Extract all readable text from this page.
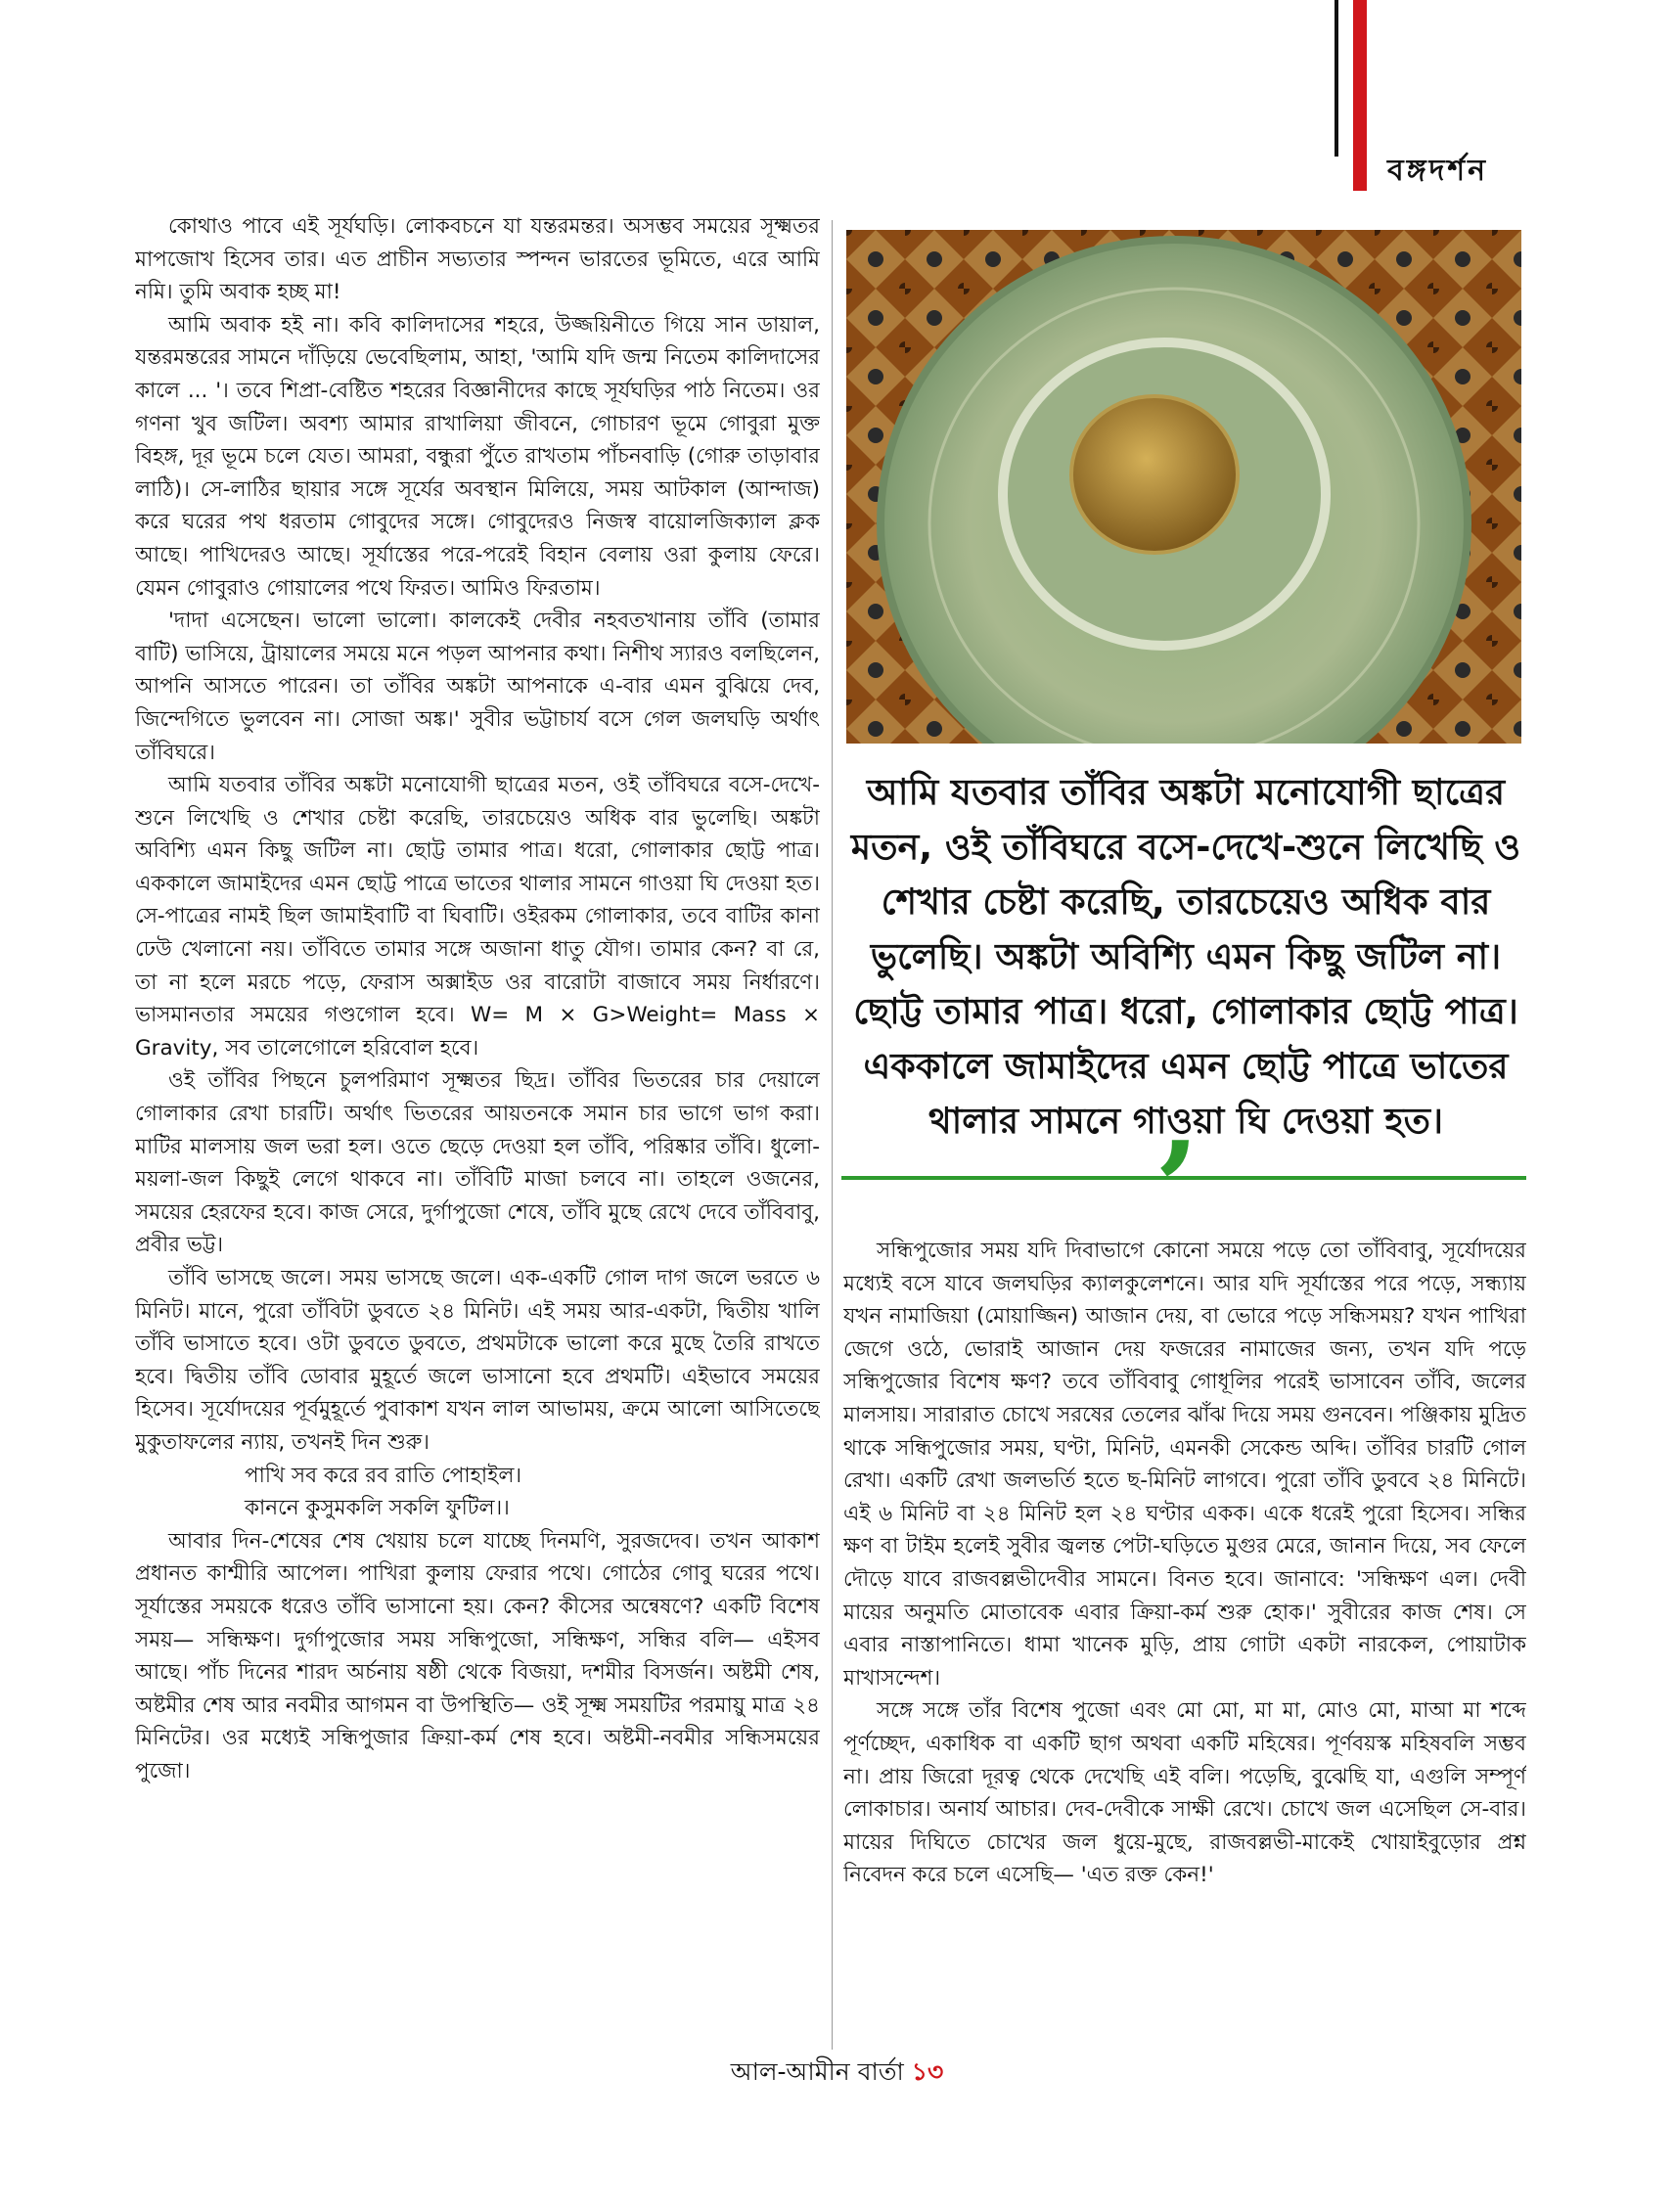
বঙ্গদর্শন

কোথাও পাবে এই সূর্যঘড়ি। লোকবচনে যা যন্তরমন্তর। অসম্ভব সময়ের সূক্ষ্মতর মাপজোখ হিসেব তার। এত প্রাচীন সভ্যতার স্পন্দন ভারতের ভূমিতে, এরে আমি নমি। তুমি অবাক হচ্ছ মা!

আমি অবাক হই না। কবি কালিদাসের শহরে, উজ্জয়িনীতে গিয়ে সান ডায়াল, যন্তরমন্তরের সামনে দাঁড়িয়ে ভেবেছিলাম, আহা, 'আমি যদি জন্ম নিতেম কালিদাসের কালে ... '। তবে শিপ্রা-বেষ্টিত শহরের বিজ্ঞানীদের কাছে সূর্যঘড়ির পাঠ নিতেম। ওর গণনা খুব জটিল। অবশ্য আমার রাখালিয়া জীবনে, গোচারণ ভূমে গোবুরা মুক্ত বিহঙ্গ, দূর ভূমে চলে যেত। আমরা, বন্ধুরা পুঁতে রাখতাম পাঁচনবাড়ি (গোরু তাড়াবার লাঠি)। সে-লাঠির ছায়ার সঙ্গে সূর্যের অবস্থান মিলিয়ে, সময় আটকাল (আন্দাজ) করে ঘরের পথ ধরতাম গোবুদের সঙ্গে। গোবুদেরও নিজস্ব বায়োলজিক্যাল ক্লক আছে। পাখিদেরও আছে। সূর্যাস্তের পরে-পরেই বিহান বেলায় ওরা কুলায় ফেরে। যেমন গোবুরাও গোয়ালের পথে ফিরত। আমিও ফিরতাম।

'দাদা এসেছেন। ভালো ভালো। কালকেই দেবীর নহবতখানায় তাঁবি (তামার বাটি) ভাসিয়ে, ট্রায়ালের সময়ে মনে পড়ল আপনার কথা। নিশীথ স্যারও বলছিলেন, আপনি আসতে পারেন। তা তাঁবির অঙ্কটা আপনাকে এ-বার এমন বুঝিয়ে দেব, জিন্দেগিতে ভুলবেন না। সোজা অঙ্ক।' সুবীর ভট্টাচার্য বসে গেল জলঘড়ি অর্থাৎ তাঁবিঘরে।

আমি যতবার তাঁবির অঙ্কটা মনোযোগী ছাত্রের মতন, ওই তাঁবিঘরে বসে-দেখে-শুনে লিখেছি ও শেখার চেষ্টা করেছি, তারচেয়েও অধিক বার ভুলেছি। অঙ্কটা অবিশ্যি এমন কিছু জটিল না। ছোট্ট তামার পাত্র। ধরো, গোলাকার ছোট্ট পাত্র। এককালে জামাইদের এমন ছোট্ট পাত্রে ভাতের থালার সামনে গাওয়া ঘি দেওয়া হত। সে-পাত্রের নামই ছিল জামাইবাটি বা ঘিবাটি। ওইরকম গোলাকার, তবে বাটির কানা ঢেউ খেলানো নয়। তাঁবিতে তামার সঙ্গে অজানা ধাতু যৌগ। তামার কেন? বা রে, তা না হলে মরচে পড়ে, ফেরাস অক্সাইড ওর বারোটা বাজাবে সময় নির্ধারণে। ভাসমানতার সময়ের গণ্ডগোল হবে। W= M × G>Weight= Mass × Gravity, সব তালেগোলে হরিবোল হবে।

ওই তাঁবির পিছনে চুলপরিমাণ সূক্ষ্মতর ছিদ্র। তাঁবির ভিতরের চার দেয়ালে গোলাকার রেখা চারটি। অর্থাৎ ভিতরের আয়তনকে সমান চার ভাগে ভাগ করা। মাটির মালসায় জল ভরা হল। ওতে ছেড়ে দেওয়া হল তাঁবি, পরিষ্কার তাঁবি। ধুলো-ময়লা-জল কিছুই লেগে থাকবে না। তাঁবিটি মাজা চলবে না। তাহলে ওজনের, সময়ের হেরফের হবে। কাজ সেরে, দুর্গাপুজো শেষে, তাঁবি মুছে রেখে দেবে তাঁবিবাবু, প্রবীর ভট্ট।

তাঁবি ভাসছে জলে। সময় ভাসছে জলে। এক-একটি গোল দাগ জলে ভরতে ৬ মিনিট। মানে, পুরো তাঁবিটা ডুবতে ২৪ মিনিট। এই সময় আর-একটা, দ্বিতীয় খালি তাঁবি ভাসাতে হবে। ওটা ডুবতে ডুবতে, প্রথমটাকে ভালো করে মুছে তৈরি রাখতে হবে। দ্বিতীয় তাঁবি ডোবার মুহূর্তে জলে ভাসানো হবে প্রথমটি। এইভাবে সময়ের হিসেব। সূর্যোদয়ের পূর্বমুহূর্তে পুবাকাশ যখন লাল আভাময়, ক্রমে আলো আসিতেছে মুকুতাফলের ন্যায়, তখনই দিন শুরু।

পাখি সব করে রব রাতি পোহাইল।

কাননে কুসুমকলি সকলি ফুটিল।।

আবার দিন-শেষের শেষ খেয়ায় চলে যাচ্ছে দিনমণি, সুরজদেব। তখন আকাশ প্রধানত কাশ্মীরি আপেল। পাখিরা কুলায় ফেরার পথে। গোঠের গোবু ঘরের পথে। সূর্যাস্তের সময়কে ধরেও তাঁবি ভাসানো হয়। কেন? কীসের অন্বেষণে? একটি বিশেষ সময়— সন্ধিক্ষণ। দুর্গাপুজোর সময় সন্ধিপুজো, সন্ধিক্ষণ, সন্ধির বলি— এইসব আছে। পাঁচ দিনের শারদ অর্চনায় ষষ্ঠী থেকে বিজয়া, দশমীর বিসর্জন। অষ্টমী শেষ, অষ্টমীর শেষ আর নবমীর আগমন বা উপস্থিতি— ওই সূক্ষ্ম সময়টির পরমায়ু মাত্র ২৪ মিনিটের। ওর মধ্যেই সন্ধিপুজার ক্রিয়া-কর্ম শেষ হবে। অষ্টমী-নবমীর সন্ধিসময়ের পুজো।

আমি যতবার তাঁবির অঙ্কটা মনোযোগী ছাত্রের মতন, ওই তাঁবিঘরে বসে-দেখে-শুনে লিখেছি ও শেখার চেষ্টা করেছি, তারচেয়েও অধিক বার ভুলেছি। অঙ্কটা অবিশ্যি এমন কিছু জটিল না। ছোট্ট তামার পাত্র। ধরো, গোলাকার ছোট্ট পাত্র। এককালে জামাইদের এমন ছোট্ট পাত্রে ভাতের থালার সামনে গাওয়া ঘি দেওয়া হত।
’

সন্ধিপুজোর সময় যদি দিবাভাগে কোনো সময়ে পড়ে তো তাঁবিবাবু, সূর্যোদয়ের মধ্যেই বসে যাবে জলঘড়ির ক্যালকুলেশনে। আর যদি সূর্যাস্তের পরে পড়ে, সন্ধ্যায় যখন নামাজিয়া (মোয়াজ্জিন) আজান দেয়, বা ভোরে পড়ে সন্ধিসময়? যখন পাখিরা জেগে ওঠে, ভোরাই আজান দেয় ফজরের নামাজের জন্য, তখন যদি পড়ে সন্ধিপুজোর বিশেষ ক্ষণ? তবে তাঁবিবাবু গোধূলির পরেই ভাসাবেন তাঁবি, জলের মালসায়। সারারাত চোখে সরষের তেলের ঝাঁঝ দিয়ে সময় গুনবেন। পঞ্জিকায় মুদ্রিত থাকে সন্ধিপুজোর সময়, ঘণ্টা, মিনিট, এমনকী সেকেন্ড অব্দি। তাঁবির চারটি গোল রেখা। একটি রেখা জলভর্তি হতে ছ-মিনিট লাগবে। পুরো তাঁবি ডুববে ২৪ মিনিটে। এই ৬ মিনিট বা ২৪ মিনিট হল ২৪ ঘণ্টার একক। একে ধরেই পুরো হিসেব। সন্ধির ক্ষণ বা টাইম হলেই সুবীর জ্বলন্ত পেটা-ঘড়িতে মুগুর মেরে, জানান দিয়ে, সব ফেলে দৌড়ে যাবে রাজবল্লভীদেবীর সামনে। বিনত হবে। জানাবে: 'সন্ধিক্ষণ এল। দেবী মায়ের অনুমতি মোতাবেক এবার ক্রিয়া-কর্ম শুরু হোক।' সুবীরের কাজ শেষ। সে এবার নাস্তাপানিতে। ধামা খানেক মুড়ি, প্রায় গোটা একটা নারকেল, পোয়াটাক মাখাসন্দেশ।

সঙ্গে সঙ্গে তাঁর বিশেষ পুজো এবং মো মো, মা মা, মোও মো, মাআ মা শব্দে পূর্ণচ্ছেদ, একাধিক বা একটি ছাগ অথবা একটি মহিষের। পূর্ণবয়স্ক মহিষবলি সম্ভব না। প্রায় জিরো দূরত্ব থেকে দেখেছি এই বলি। পড়েছি, বুঝেছি যা, এগুলি সম্পূর্ণ লোকাচার। অনার্য আচার। দেব-দেবীকে সাক্ষী রেখে। চোখে জল এসেছিল সে-বার। মায়ের দিঘিতে চোখের জল ধুয়ে-মুছে, রাজবল্লভী-মাকেই খোয়াইবুড়োর প্রশ্ন নিবেদন করে চলে এসেছি— 'এত রক্ত কেন!'

আল-আমীন বার্তা ১৩
